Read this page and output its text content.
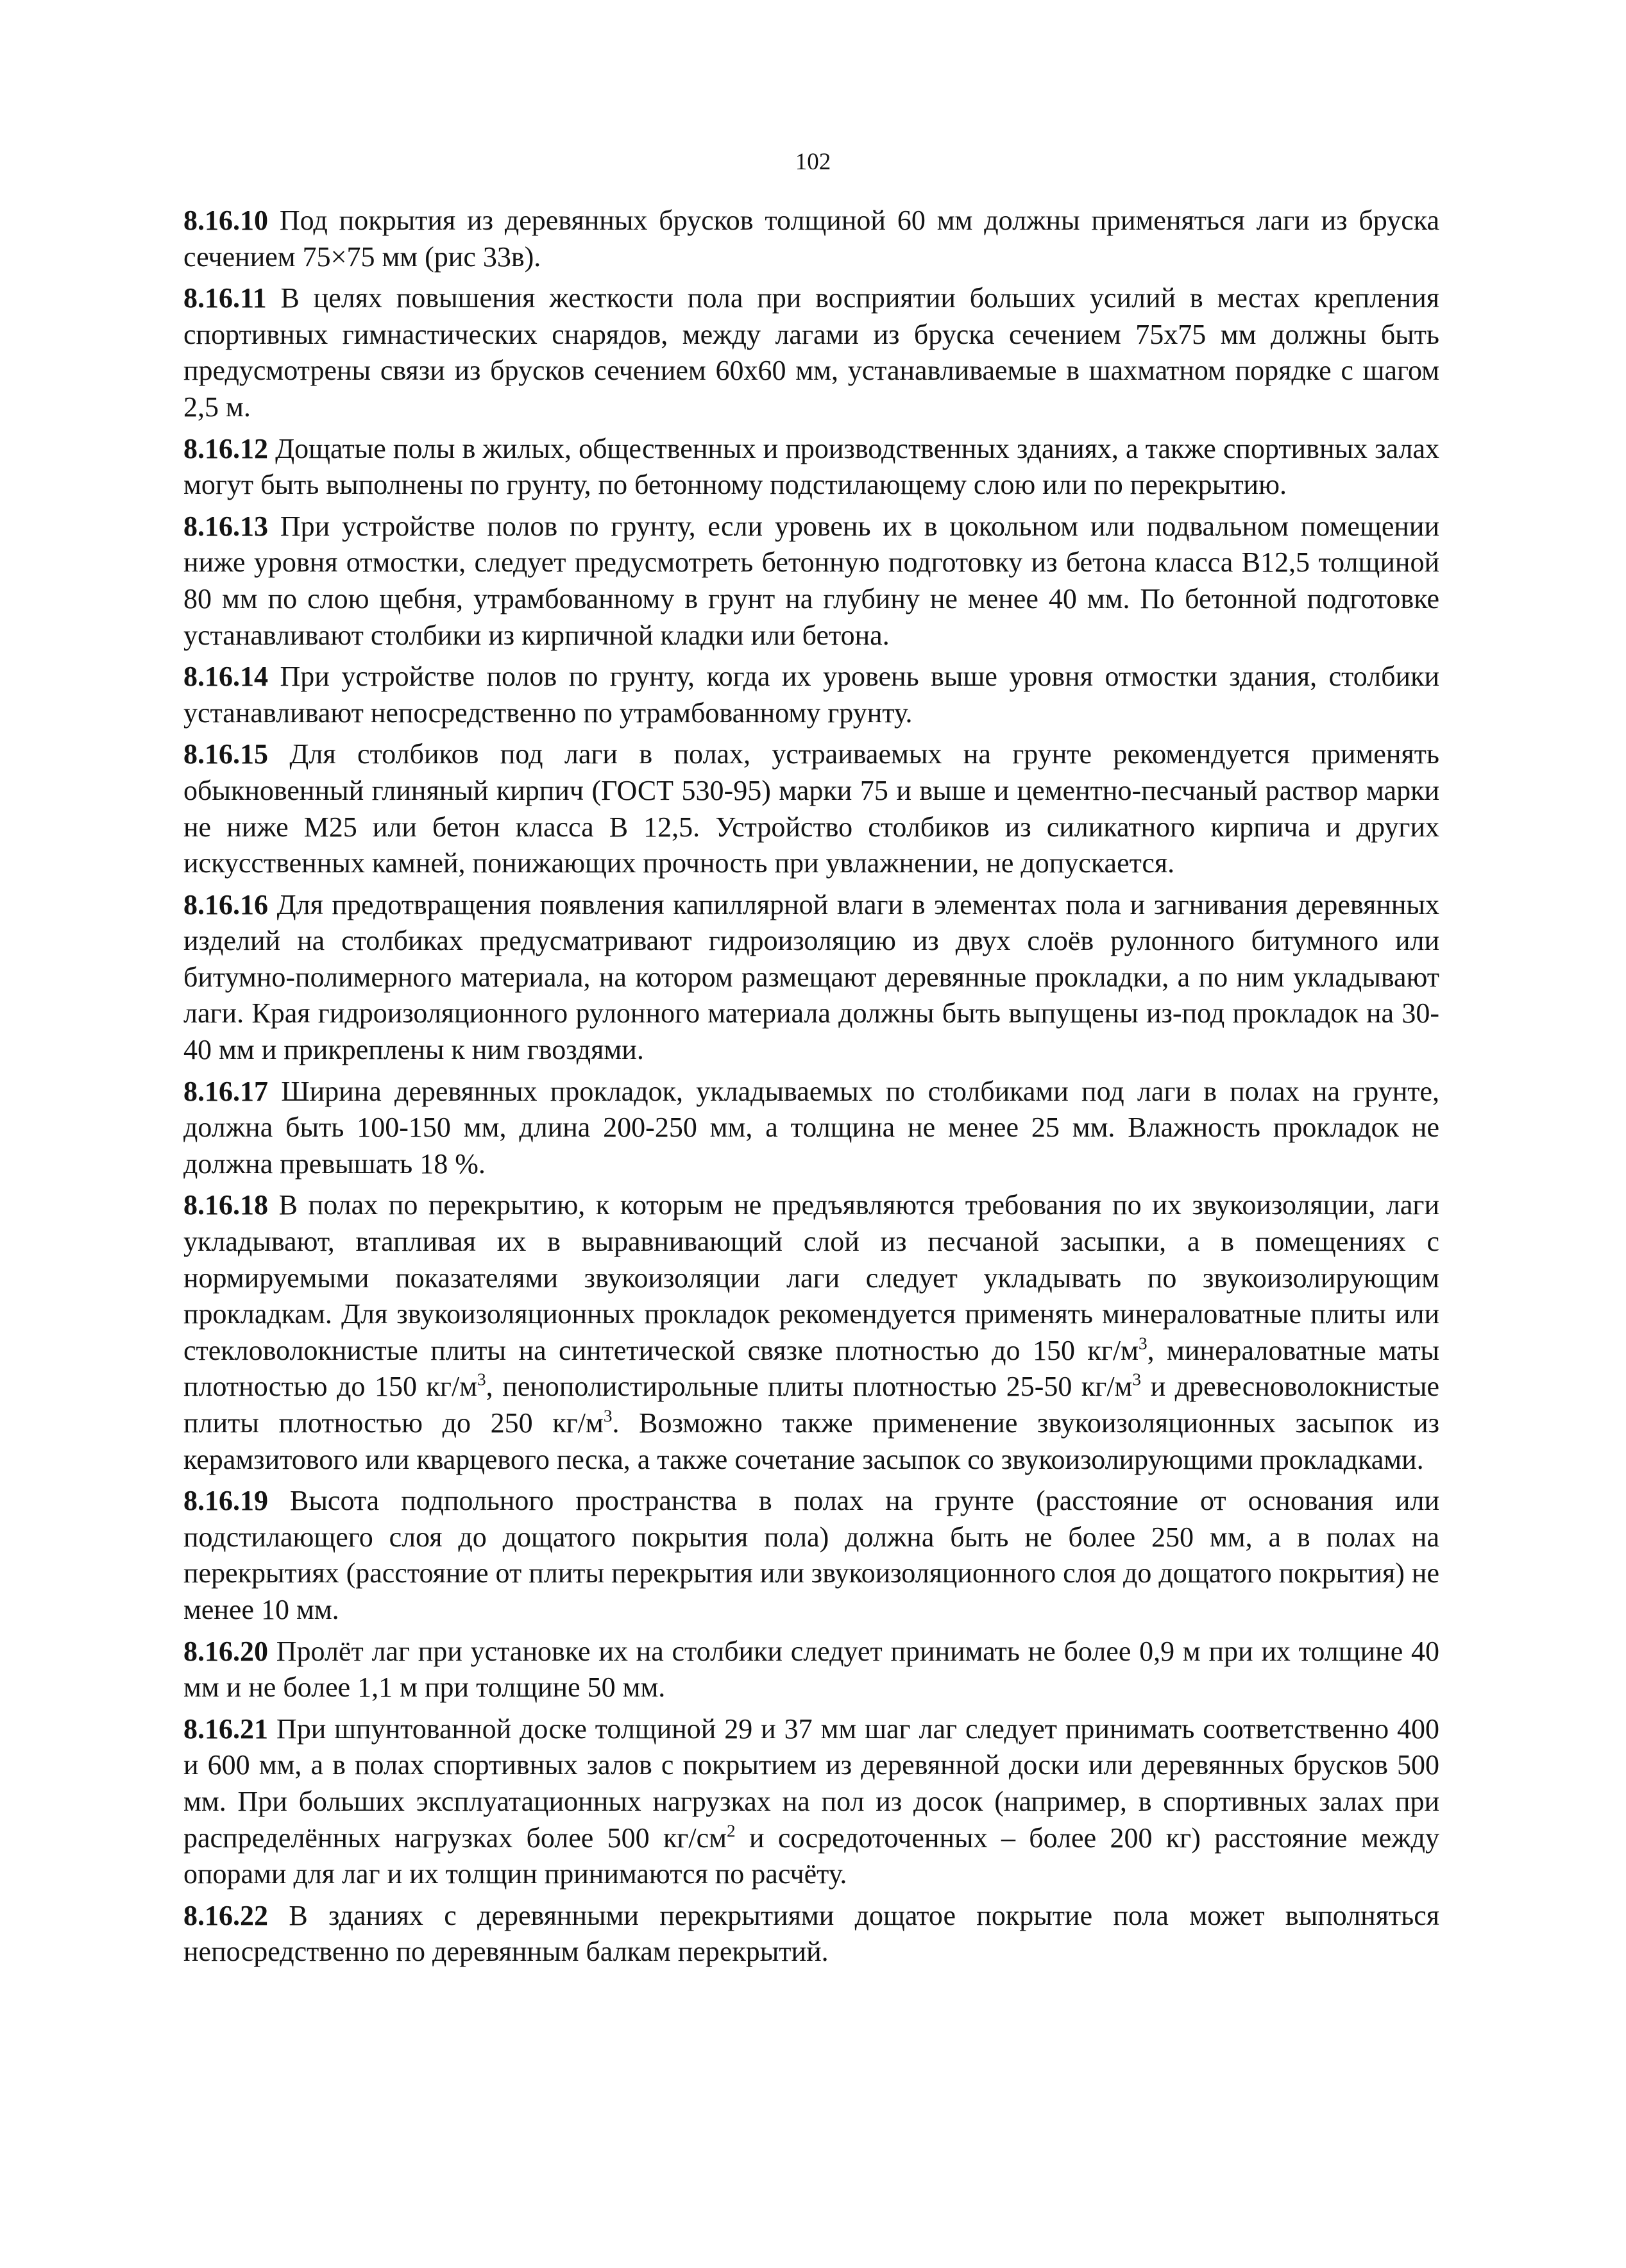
102

8.16.10 Под покрытия из деревянных брусков толщиной 60 мм должны применяться лаги из бруска сечением 75×75 мм (рис 33в).

8.16.11 В целях повышения жесткости пола при восприятии больших усилий в местах крепления спортивных гимнастических снарядов, между лагами из бруска сечением 75х75 мм должны быть предусмотрены связи из брусков сечением 60х60 мм, устанавливаемые в шахматном порядке с шагом 2,5 м.

8.16.12 Дощатые полы в жилых, общественных и производственных зданиях, а также спортивных залах могут быть выполнены по грунту, по бетонному подстилающему слою или по перекрытию.

8.16.13 При устройстве полов по грунту, если уровень их в цокольном или подвальном помещении ниже уровня отмостки, следует предусмотреть бетонную подготовку из бетона класса В12,5 толщиной 80 мм по слою щебня, утрамбованному в грунт на глубину не менее 40 мм. По бетонной подготовке устанавливают столбики из кирпичной кладки или бетона.

8.16.14 При устройстве полов по грунту, когда их уровень выше уровня отмостки здания, столбики устанавливают непосредственно по утрамбованному грунту.

8.16.15 Для столбиков под лаги в полах, устраиваемых на грунте рекомендуется применять обыкновенный глиняный кирпич (ГОСТ 530-95) марки 75 и выше и цементно-песчаный раствор марки не ниже М25 или бетон класса В 12,5. Устройство столбиков из силикатного кирпича и других искусственных камней, понижающих прочность при увлажнении, не допускается.

8.16.16 Для предотвращения появления капиллярной влаги в элементах пола и загнивания деревянных изделий на столбиках предусматривают гидроизоляцию из двух слоёв рулонного битумного или битумно-полимерного материала, на котором размещают деревянные прокладки, а по ним укладывают лаги. Края гидроизоляционного рулонного материала должны быть выпущены из-под прокладок на 30-40 мм и прикреплены к ним гвоздями.

8.16.17 Ширина деревянных прокладок, укладываемых по столбиками под лаги в полах на грунте, должна быть 100-150 мм, длина 200-250 мм, а толщина не менее 25 мм. Влажность прокладок не должна превышать 18 %.

8.16.18 В полах по перекрытию, к которым не предъявляются требования по их звукоизоляции, лаги укладывают, втапливая их в выравнивающий слой из песчаной засыпки, а в помещениях с нормируемыми показателями звукоизоляции лаги следует укладывать по звукоизолирующим прокладкам. Для звукоизоляционных прокладок рекомендуется применять минераловатные плиты или стекловолокнистые плиты на синтетической связке плотностью до 150 $кг/м^3$, минераловатные маты плотностью до 150 $кг/м^3$, пенополистирольные плиты плотностью 25-50 $кг/м^3$ и древесноволокнистые плиты плотностью до 250 $кг/м^3$. Возможно также применение звукоизоляционных засыпок из керамзитового или кварцевого песка, а также сочетание засыпок со звукоизолирующими прокладками.

8.16.19 Высота подпольного пространства в полах на грунте (расстояние от основания или подстилающего слоя до дощатого покрытия пола) должна быть не более 250 мм, а в полах на перекрытиях (расстояние от плиты перекрытия или звукоизоляционного слоя до дощатого покрытия) не менее 10 мм.

8.16.20 Пролёт лаг при установке их на столбики следует принимать не более 0,9 м при их толщине 40 мм и не более 1,1 м при толщине 50 мм.

8.16.21 При шпунтованной доске толщиной 29 и 37 мм шаг лаг следует принимать соответственно 400 и 600 мм, а в полах спортивных залов с покрытием из деревянной доски или деревянных брусков 500 мм. При больших эксплуатационных нагрузках на пол из досок (например, в спортивных залах при распределённых нагрузках более 500 $кг/см^2$ и сосредоточенных – более 200 кг) расстояние между опорами для лаг и их толщин принимаются по расчёту.

8.16.22 В зданиях с деревянными перекрытиями дощатое покрытие пола может выполняться непосредственно по деревянным балкам перекрытий.
